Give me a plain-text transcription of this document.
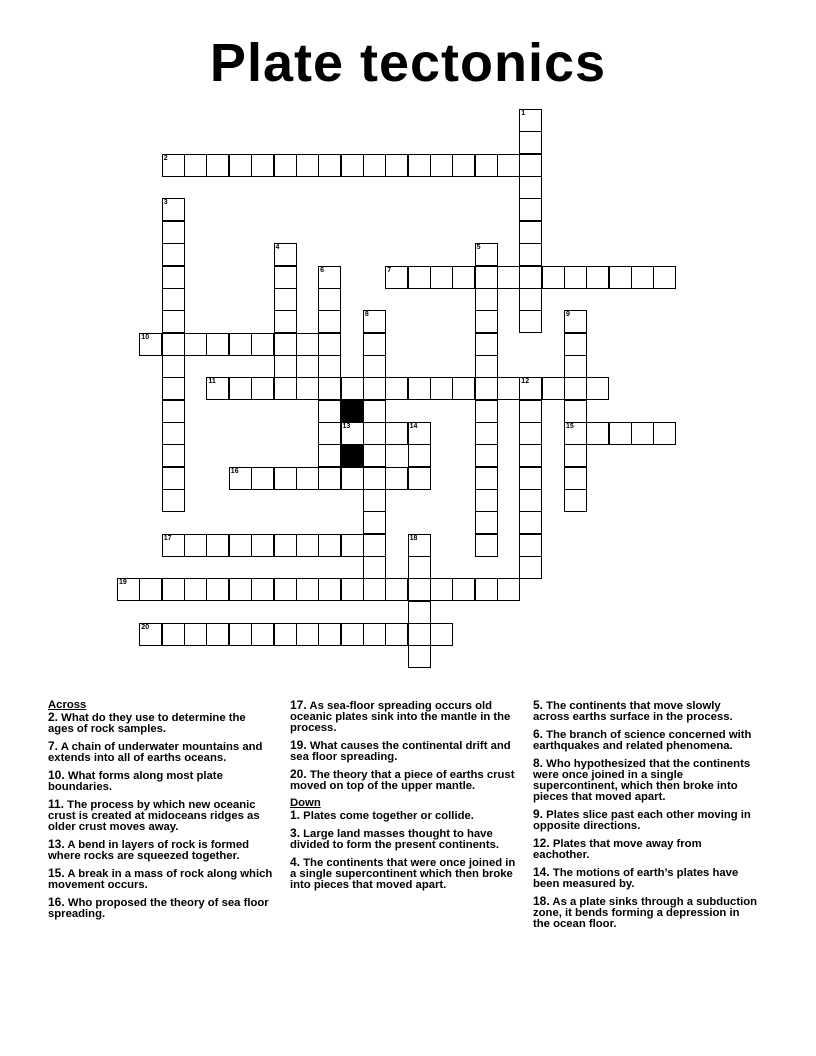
Plate tectonics
1
2
3
4	5
6	7
8	9
15
10
11	12
13	14
16
17	18
19
20
Across

2. What do they use to determine the ages of rock samples.

7. A chain of underwater mountains and extends into all of earths oceans.

10. What forms along most plate boundaries.

11. The process by which new oceanic crust is created at midoceans ridges as older crust moves away.

13. A bend in layers of rock is formed where rocks are squeezed together.

15. A break in a mass of rock along which movement occurs.

16. Who proposed the theory of sea floor spreading.

17. As sea-floor spreading occurs old oceanic plates sink into the mantle in the process.

19. What causes the continental drift and sea floor spreading.

20. The theory that a piece of earths crust moved on top of the upper mantle.

Down

1. Plates come together or collide.

3. Large land masses thought to have divided to form the present continents.

4. The continents that were once joined in a single supercontinent which then broke into pieces that moved apart.

5. The continents that move slowly across earths surface in the process.

6. The branch of science concerned with earthquakes and related phenomena.

8. Who hypothesized that the continents were once joined in a single supercontinent, which then broke into pieces that moved apart.

9. Plates slice past each other moving in opposite directions.

12. Plates that move away from eachother.

14. The motions of earth’s plates have been measured by.

18. As a plate sinks through a subduction zone, it bends forming a depression in the ocean floor.
